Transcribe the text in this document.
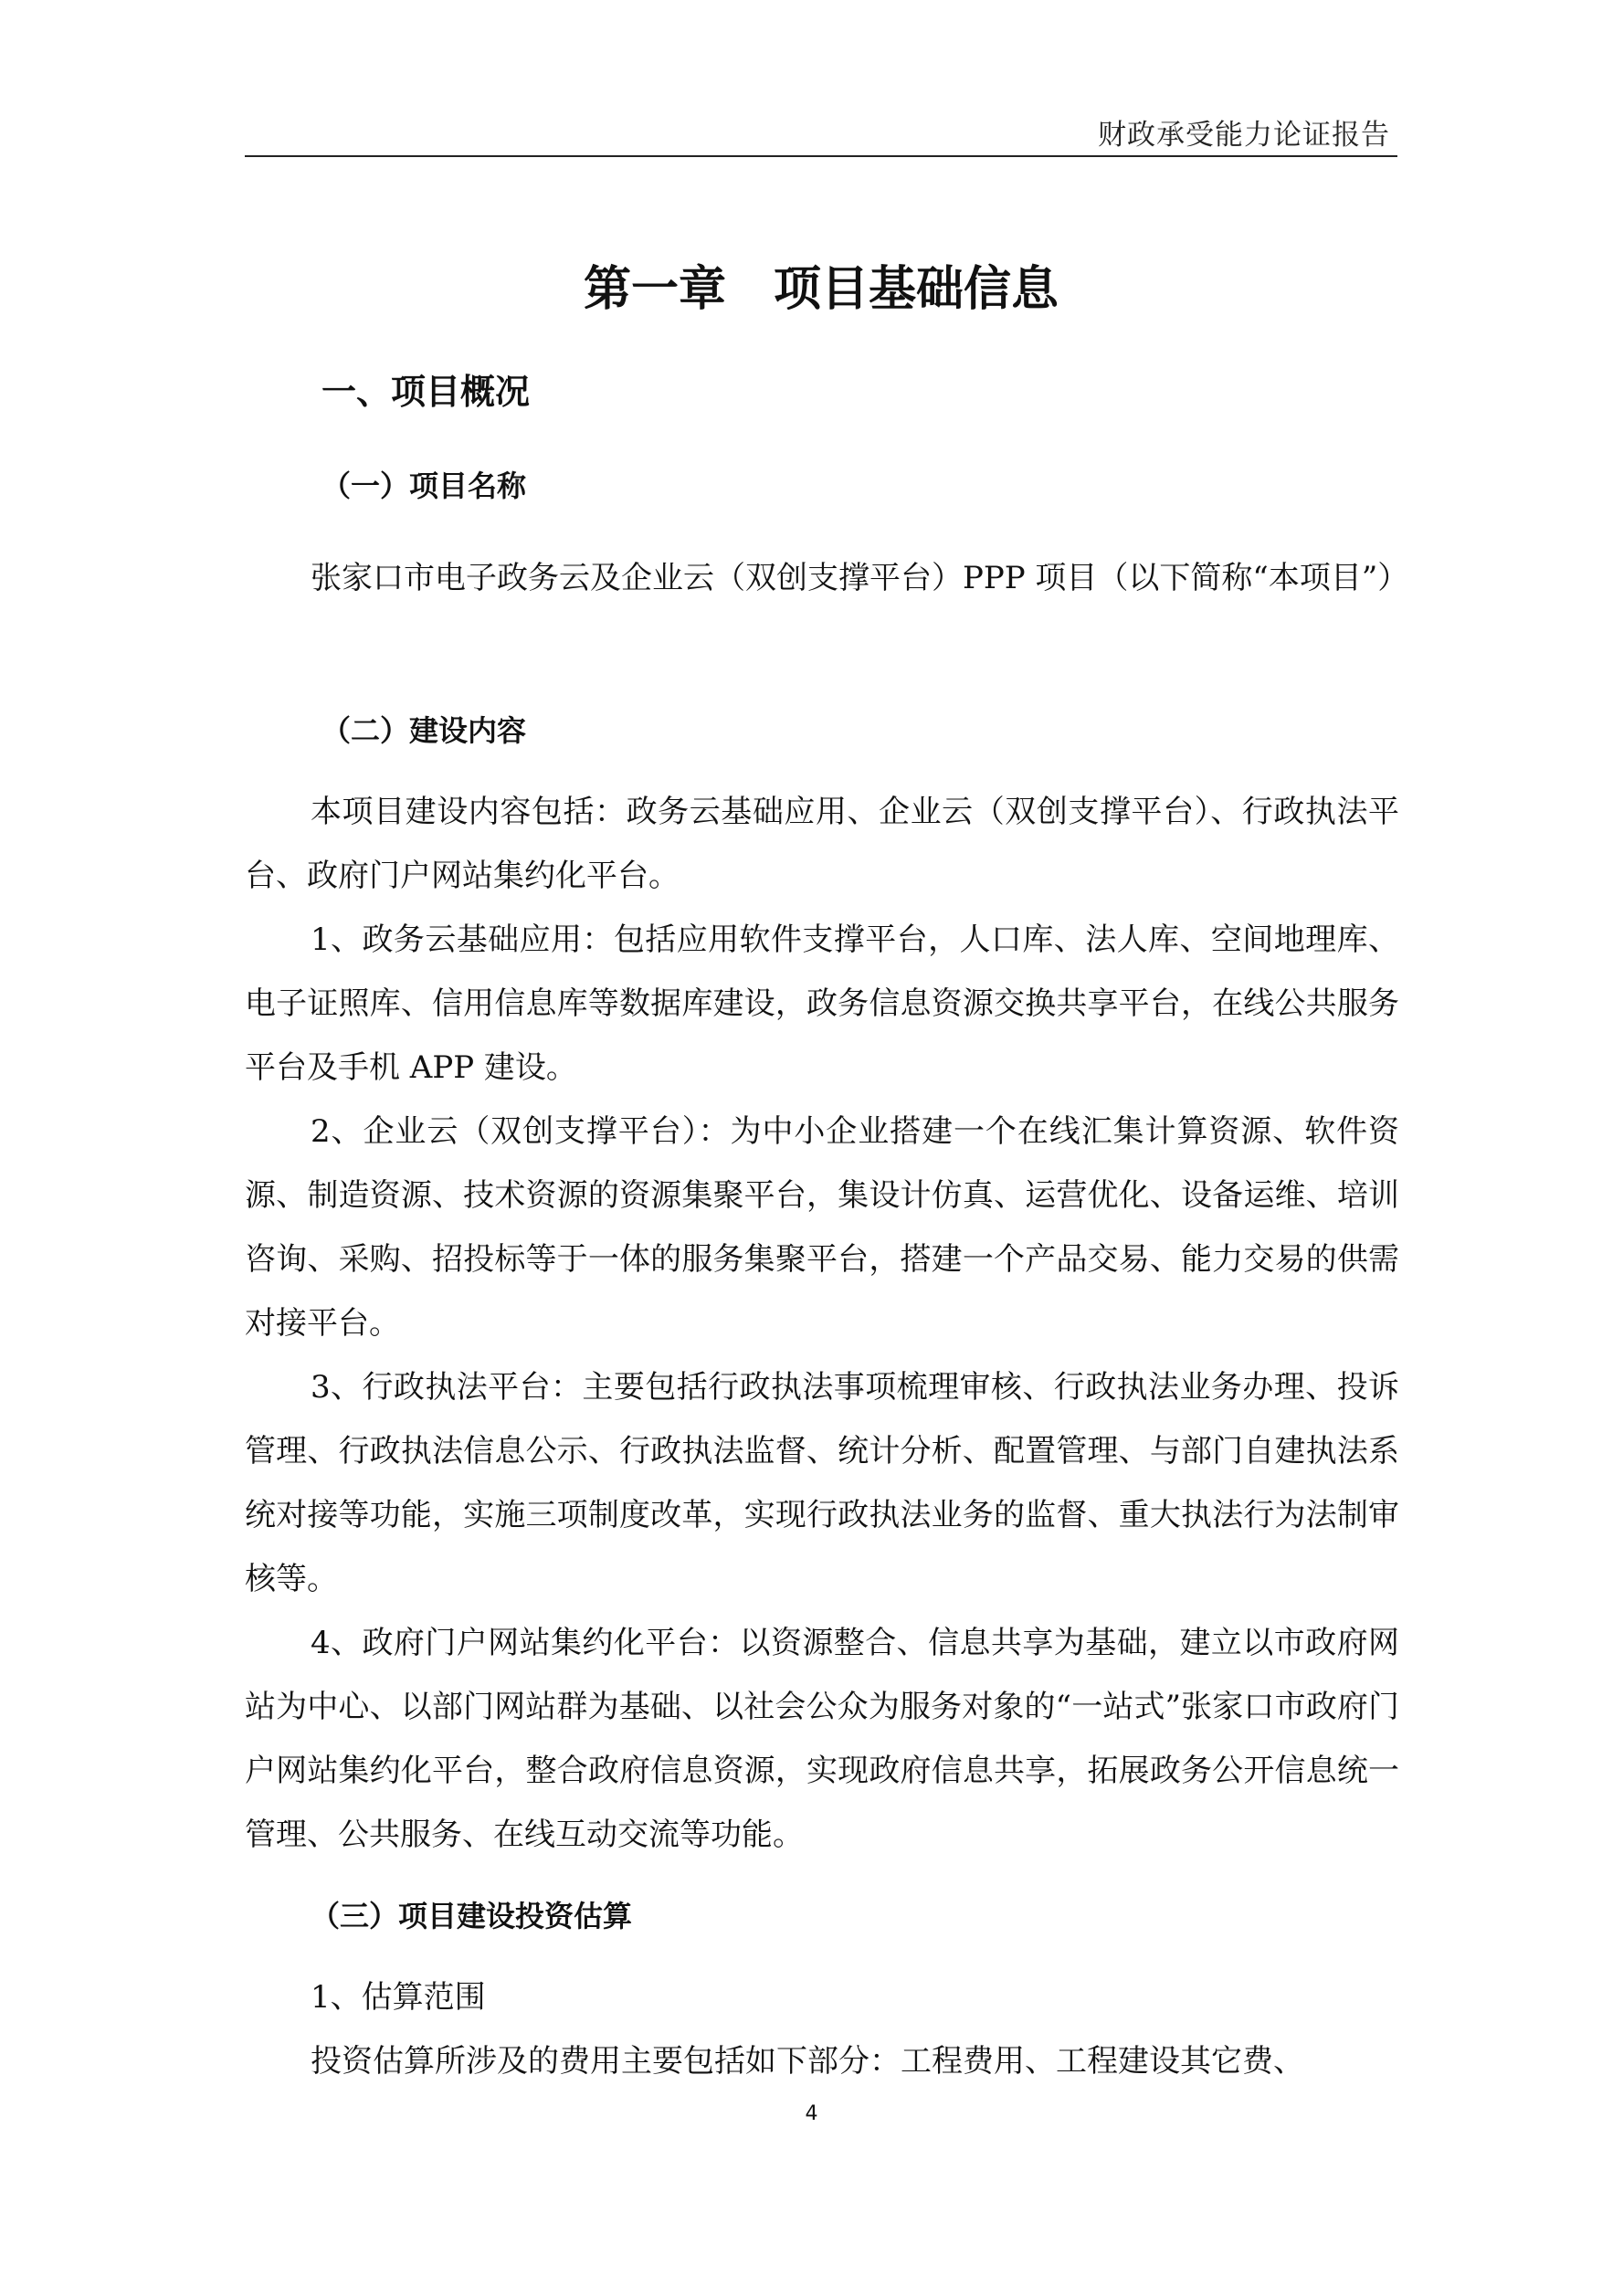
财政承受能力论证报告
第一章　项目基础信息
一、项目概况
（一）项目名称

张家口市电子政务云及企业云（双创支撑平台）PPP 项目（以下简称“本项目”）

（二）建设内容

本项目建设内容包括：政务云基础应用、企业云（双创支撑平台）、行政执法平台、政府门户网站集约化平台。

1、政务云基础应用：包括应用软件支撑平台，人口库、法人库、空间地理库、电子证照库、信用信息库等数据库建设，政务信息资源交换共享平台，在线公共服务平台及手机 APP 建设。

2、企业云（双创支撑平台）：为中小企业搭建一个在线汇集计算资源、软件资源、制造资源、技术资源的资源集聚平台，集设计仿真、运营优化、设备运维、培训咨询、采购、招投标等于一体的服务集聚平台，搭建一个产品交易、能力交易的供需对接平台。

3、行政执法平台：主要包括行政执法事项梳理审核、行政执法业务办理、投诉管理、行政执法信息公示、行政执法监督、统计分析、配置管理、与部门自建执法系统对接等功能，实施三项制度改革，实现行政执法业务的监督、重大执法行为法制审核等。

4、政府门户网站集约化平台：以资源整合、信息共享为基础，建立以市政府网站为中心、以部门网站群为基础、以社会公众为服务对象的“一站式”张家口市政府门户网站集约化平台，整合政府信息资源，实现政府信息共享，拓展政务公开信息统一管理、公共服务、在线互动交流等功能。

（三）项目建设投资估算

1、估算范围

投资估算所涉及的费用主要包括如下部分：工程费用、工程建设其它费、

4
